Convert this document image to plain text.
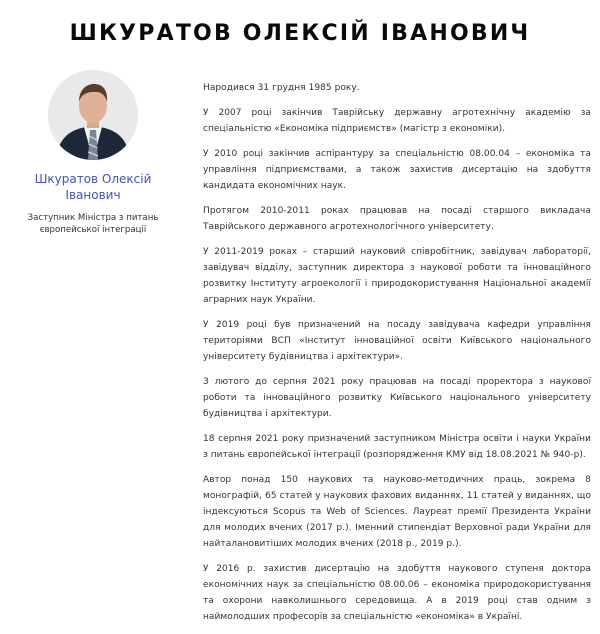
ШКУРАТОВ ОЛЕКСІЙ ІВАНОВИЧ
Шкуратов Олексій Іванович
Заступник Міністра з питань європейської інтеграції

Народився 31 грудня 1985 року.

У 2007 році закінчив Таврійську державну агротехнічну академію за спеціальністю «Економіка підприємств» (магістр з економіки).

У 2010 році закінчив аспірантуру за спеціальністю 08.00.04 – економіка та управління підприємствами, а також захистив дисертацію на здобуття кандидата економічних наук.

Протягом 2010-2011 роках працював на посаді старшого викладача Таврійського державного агротехнологічного університету.

У 2011-2019 роках – старший науковий співробітник, завідувач лабораторії, завідувач відділу, заступник директора з наукової роботи та інноваційного розвитку Інституту агроекології і природокористування Національної академії аграрних наук України.

У 2019 році був призначений на посаду завідувача кафедри управління територіями ВСП «Інститут інноваційної освіти Київського національного університету будівництва і архітектури».

З лютого до серпня 2021 року працював на посаді проректора з наукової роботи та інноваційного розвитку Київського національного університету будівництва і архітектури.

18 серпня 2021 року призначений заступником Міністра освіти і науки України з питань європейської інтеграції (розпорядження КМУ від 18.08.2021 № 940-р).

Автор понад 150 наукових та науково-методичних праць, зокрема 8 монографій, 65 статей у наукових фахових виданнях, 11 статей у виданнях, що індексуються Scopus та Web of Sciences. Лауреат премії Президента України для молодих вчених (2017 р.). Іменний стипендіат Верховної ради України для найталановитіших молодих вчених (2018 р., 2019 р.).

У 2016 р. захистив дисертацію на здобуття наукового ступеня доктора економічних наук за спеціальністю 08.00.06 – економіка природокористування та охорони навколишнього середовища. А в 2019 році став одним з наймолодших професорів за спеціальністю «економіка» в Україні.
